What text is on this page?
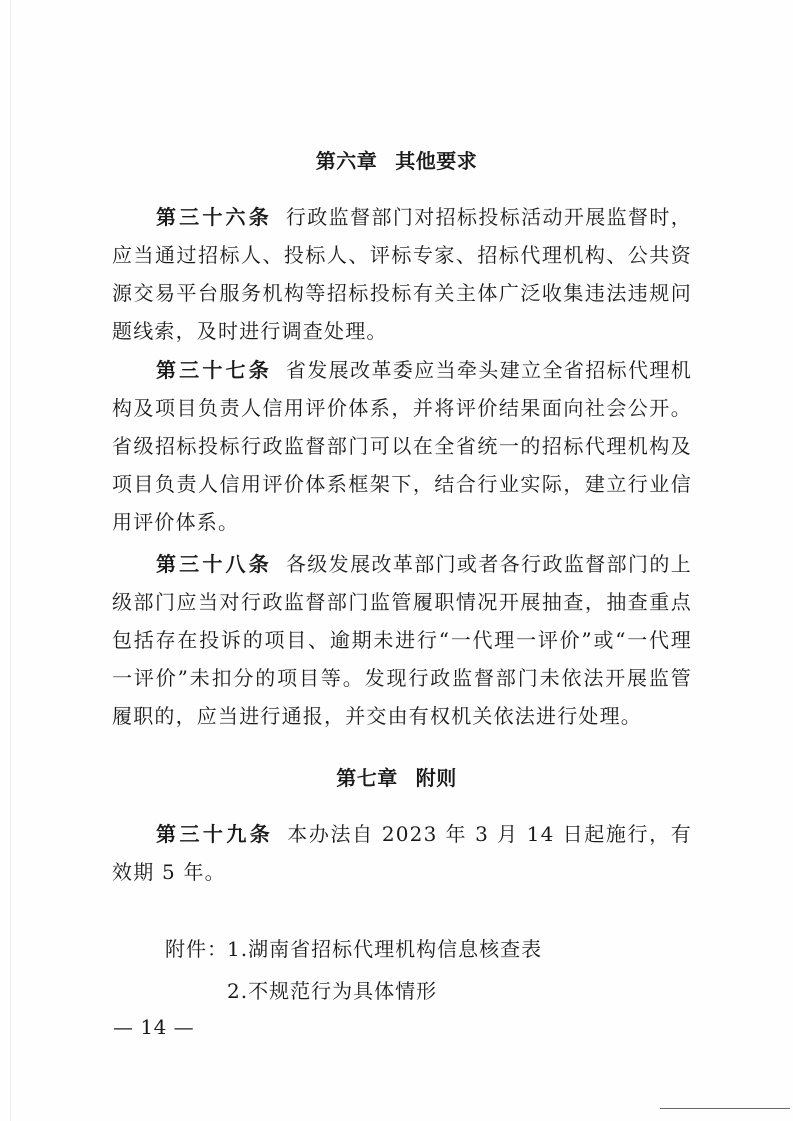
第六章 其他要求

第三十六条 行政监督部门对招标投标活动开展监督时，应当通过招标人、投标人、评标专家、招标代理机构、公共资源交易平台服务机构等招标投标有关主体广泛收集违法违规问题线索，及时进行调查处理。

第三十七条 省发展改革委应当牵头建立全省招标代理机构及项目负责人信用评价体系，并将评价结果面向社会公开。省级招标投标行政监督部门可以在全省统一的招标代理机构及项目负责人信用评价体系框架下，结合行业实际，建立行业信用评价体系。

第三十八条 各级发展改革部门或者各行政监督部门的上级部门应当对行政监督部门监管履职情况开展抽查，抽查重点包括存在投诉的项目、逾期未进行“一代理一评价”或“一代理一评价”未扣分的项目等。发现行政监督部门未依法开展监管履职的，应当进行通报，并交由有权机关依法进行处理。

第七章 附则

第三十九条 本办法自 2023 年 3 月 14 日起施行，有效期 5 年。

附件：1.湖南省招标代理机构信息核查表
2.不规范行为具体情形
— 14 —
